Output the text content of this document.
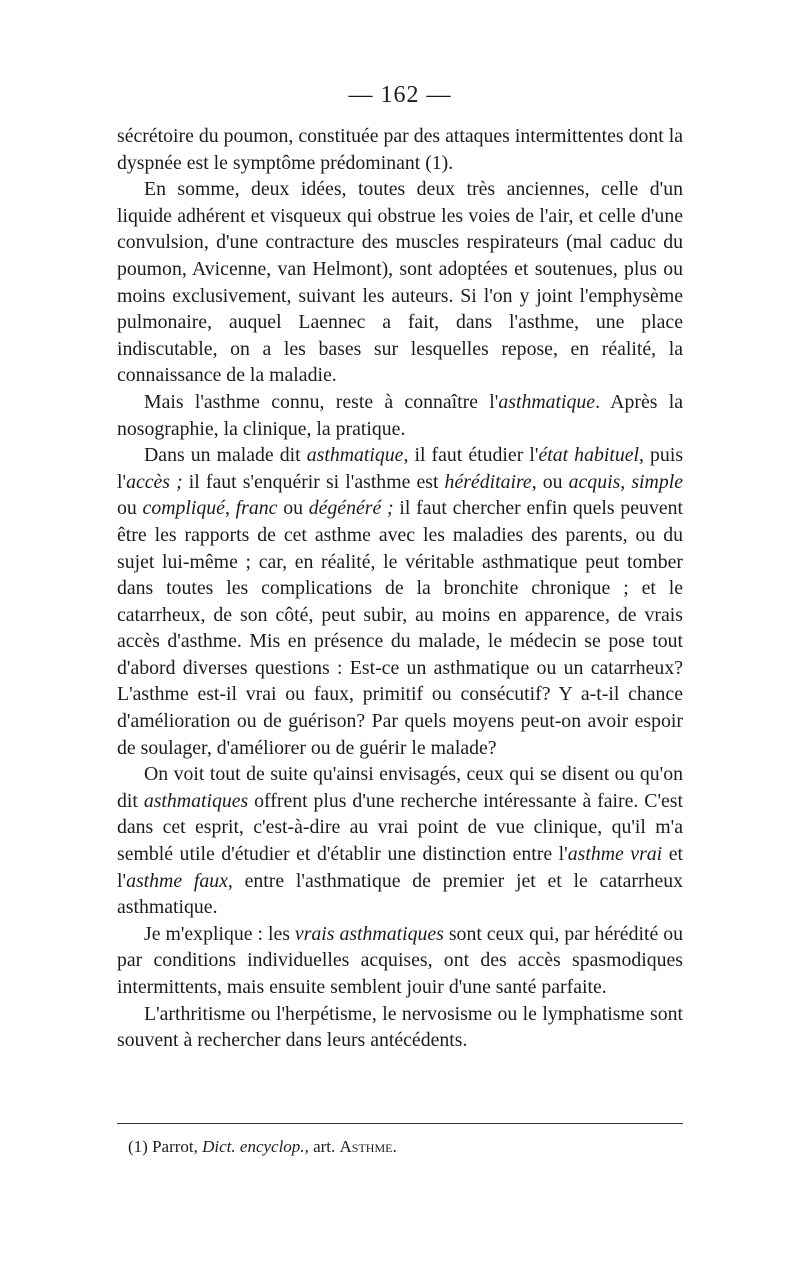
— 162 —

sécrétoire du poumon, constituée par des attaques intermittentes dont la dyspnée est le symptôme prédominant (1).

En somme, deux idées, toutes deux très anciennes, celle d'un liquide adhérent et visqueux qui obstrue les voies de l'air, et celle d'une convulsion, d'une contracture des muscles respirateurs (mal caduc du poumon, Avicenne, van Helmont), sont adoptées et soutenues, plus ou moins exclusivement, suivant les auteurs. Si l'on y joint l'emphysème pulmonaire, auquel Laennec a fait, dans l'asthme, une place indiscutable, on a les bases sur lesquelles repose, en réalité, la connaissance de la maladie.

Mais l'asthme connu, reste à connaître l'asthmatique. Après la nosographie, la clinique, la pratique.

Dans un malade dit asthmatique, il faut étudier l'état habituel, puis l'accès ; il faut s'enquérir si l'asthme est héréditaire, ou acquis, simple ou compliqué, franc ou dégénéré ; il faut chercher enfin quels peuvent être les rapports de cet asthme avec les maladies des parents, ou du sujet lui-même ; car, en réalité, le véritable asthmatique peut tomber dans toutes les complications de la bronchite chronique ; et le catarrheux, de son côté, peut subir, au moins en apparence, de vrais accès d'asthme. Mis en présence du malade, le médecin se pose tout d'abord diverses questions : Est-ce un asthmatique ou un catarrheux? L'asthme est-il vrai ou faux, primitif ou consécutif? Y a-t-il chance d'amélioration ou de guérison? Par quels moyens peut-on avoir espoir de soulager, d'améliorer ou de guérir le malade?

On voit tout de suite qu'ainsi envisagés, ceux qui se disent ou qu'on dit asthmatiques offrent plus d'une recherche intéressante à faire. C'est dans cet esprit, c'est-à-dire au vrai point de vue clinique, qu'il m'a semblé utile d'étudier et d'établir une distinction entre l'asthme vrai et l'asthme faux, entre l'asthmatique de premier jet et le catarrheux asthmatique.

Je m'explique : les vrais asthmatiques sont ceux qui, par hérédité ou par conditions individuelles acquises, ont des accès spasmodiques intermittents, mais ensuite semblent jouir d'une santé parfaite.

L'arthritisme ou l'herpétisme, le nervosisme ou le lymphatisme sont souvent à rechercher dans leurs antécédents.

(1) Parrot, Dict. encyclop., art. Asthme.
